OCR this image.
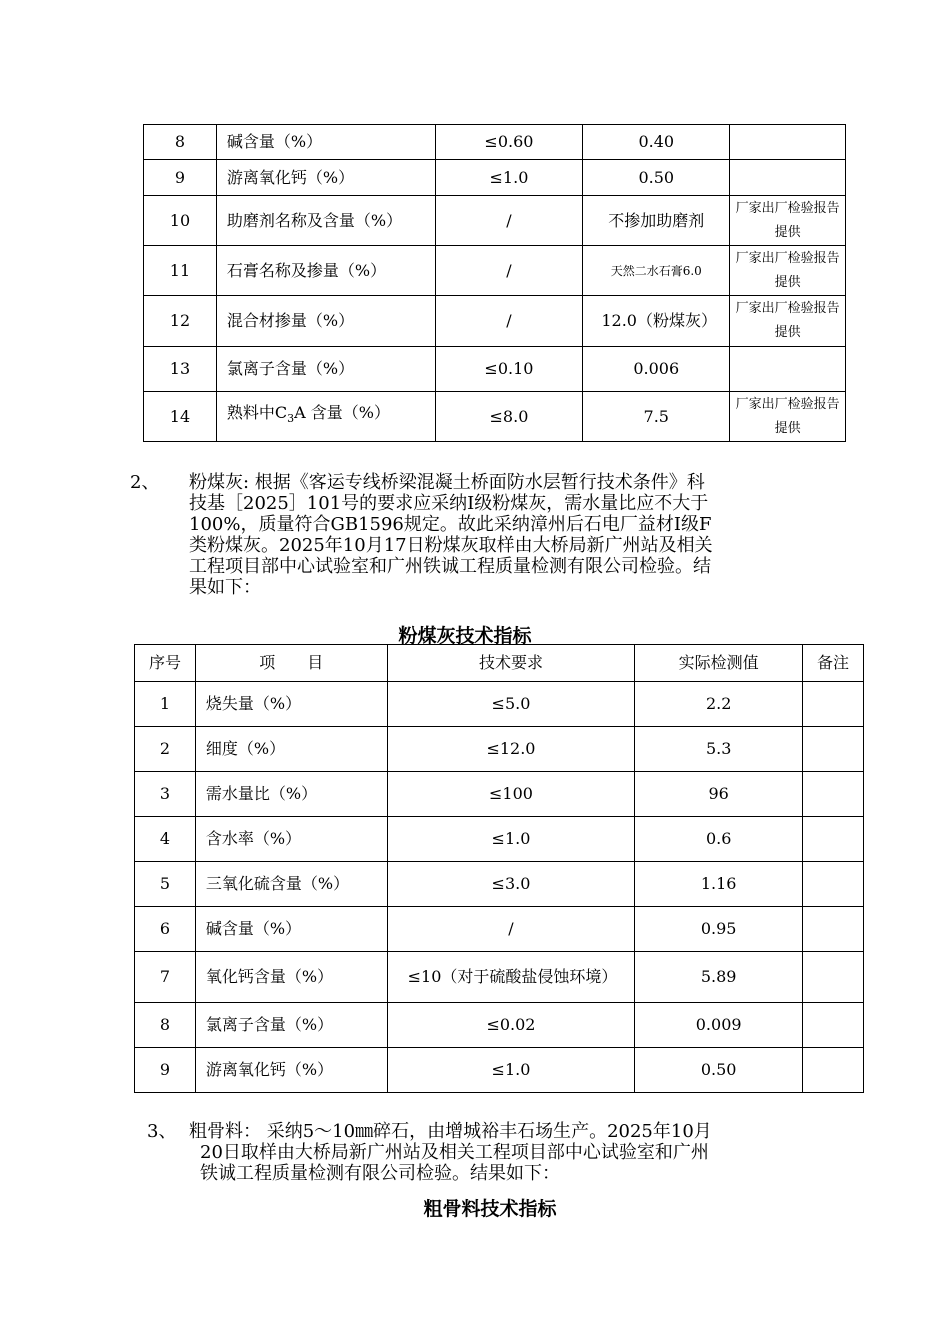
8	碱含量（%）	≤0.60	0.40	
9	游离氧化钙（%）	≤1.0	0.50	
10	助磨剂名称及含量（%）	/	不掺加助磨剂	厂家出厂检验报告提供
11	石膏名称及掺量（%）	/	天然二水石膏6.0	厂家出厂检验报告提供
12	混合材掺量（%）	/	12.0（粉煤灰）	厂家出厂检验报告提供
13	氯离子含量（%）	≤0.10	0.006	
14	熟料中$C_3A$ 含量（%）	≤8.0	7.5	厂家出厂检验报告提供
2、 粉煤灰: 根据《客运专线桥梁混凝土桥面防水层暂行技术条件》科
技基［2025］101号的要求应采纳Ⅰ级粉煤灰，需水量比应不大于
100%，质量符合GB1596规定。故此采纳漳州后石电厂益材Ⅰ级F
类粉煤灰。2025年10月17日粉煤灰取样由大桥局新广州站及相关
工程项目部中心试验室和广州铁诚工程质量检测有限公司检验。结
果如下：
粉煤灰技术指标
序号	项　　目	技术要求	实际检测值	备注
1	烧失量（%）	≤5.0	2.2	
2	细度（%）	≤12.0	5.3	
3	需水量比（%）	≤100	96	
4	含水率（%）	≤1.0	0.6	
5	三氧化硫含量（%）	≤3.0	1.16	
6	碱含量（%）	/	0.95	
7	氧化钙含量（%）	≤10（对于硫酸盐侵蚀环境）	5.89	
8	氯离子含量（%）	≤0.02	0.009	
9	游离氧化钙（%）	≤1.0	0.50	
3、 粗骨料： 采纳5～10㎜碎石，由增城裕丰石场生产。2025年10月
20日取样由大桥局新广州站及相关工程项目部中心试验室和广州
铁诚工程质量检测有限公司检验。结果如下：
粗骨料技术指标
